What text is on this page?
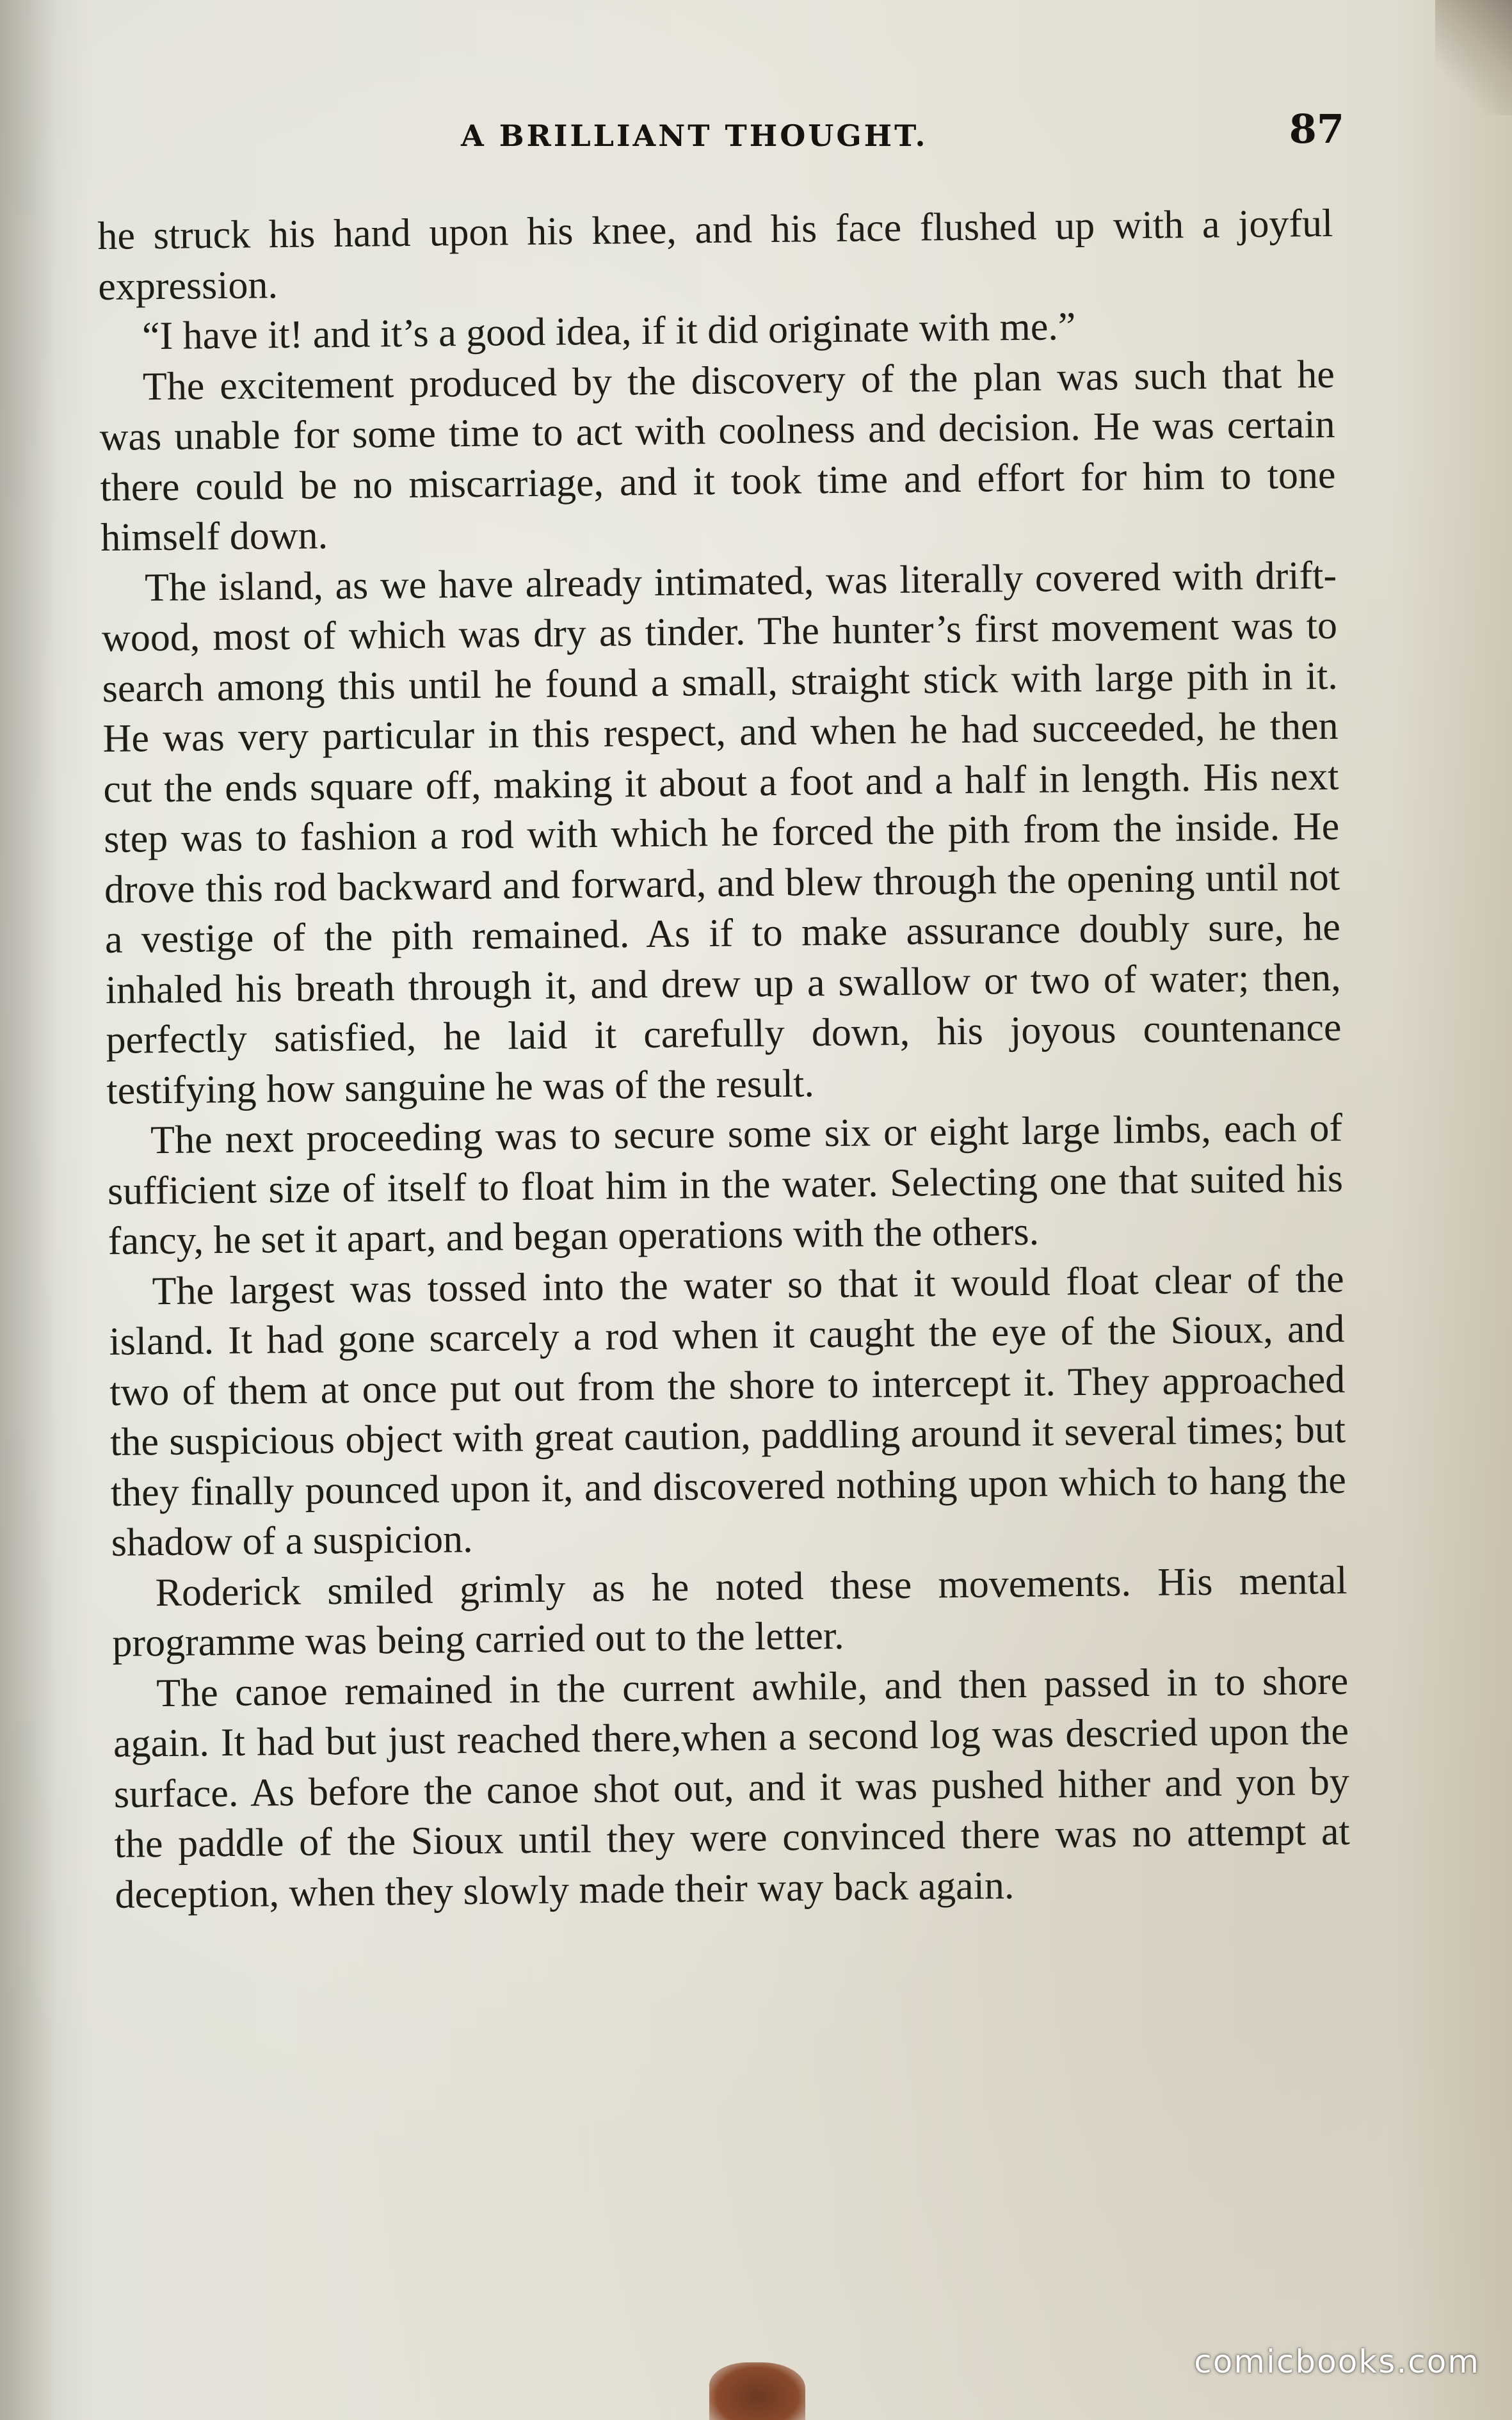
A BRILLIANT THOUGHT.	87

he struck his hand upon his knee, and his face flushed up with a joyful expression.

“I have it! and it’s a good idea, if it did originate with me.”

The excitement produced by the discovery of the plan was such that he was unable for some time to act with coolness and decision. He was certain there could be no miscarriage, and it took time and effort for him to tone himself down.

The island, as we have already intimated, was literally covered with drift-wood, most of which was dry as tinder. The hunter’s first movement was to search among this until he found a small, straight stick with large pith in it. He was very particular in this respect, and when he had succeeded, he then cut the ends square off, making it about a foot and a half in length. His next step was to fashion a rod with which he forced the pith from the inside. He drove this rod backward and forward, and blew through the opening until not a vestige of the pith remained. As if to make assurance doubly sure, he inhaled his breath through it, and drew up a swallow or two of water; then, perfectly satisfied, he laid it carefully down, his joyous countenance testifying how sanguine he was of the result.

The next proceeding was to secure some six or eight large limbs, each of sufficient size of itself to float him in the water. Selecting one that suited his fancy, he set it apart, and began operations with the others.

The largest was tossed into the water so that it would float clear of the island. It had gone scarcely a rod when it caught the eye of the Sioux, and two of them at once put out from the shore to intercept it. They approached the suspicious object with great caution, paddling around it several times; but they finally pounced upon it, and discovered nothing upon which to hang the shadow of a suspicion.

Roderick smiled grimly as he noted these movements. His mental programme was being carried out to the letter.

The canoe remained in the current awhile, and then passed in to shore again. It had but just reached there,when a second log was descried upon the surface. As before the canoe shot out, and it was pushed hither and yon by the paddle of the Sioux until they were convinced there was no attempt at deception, when they slowly made their way back again.

comicbooks.com
